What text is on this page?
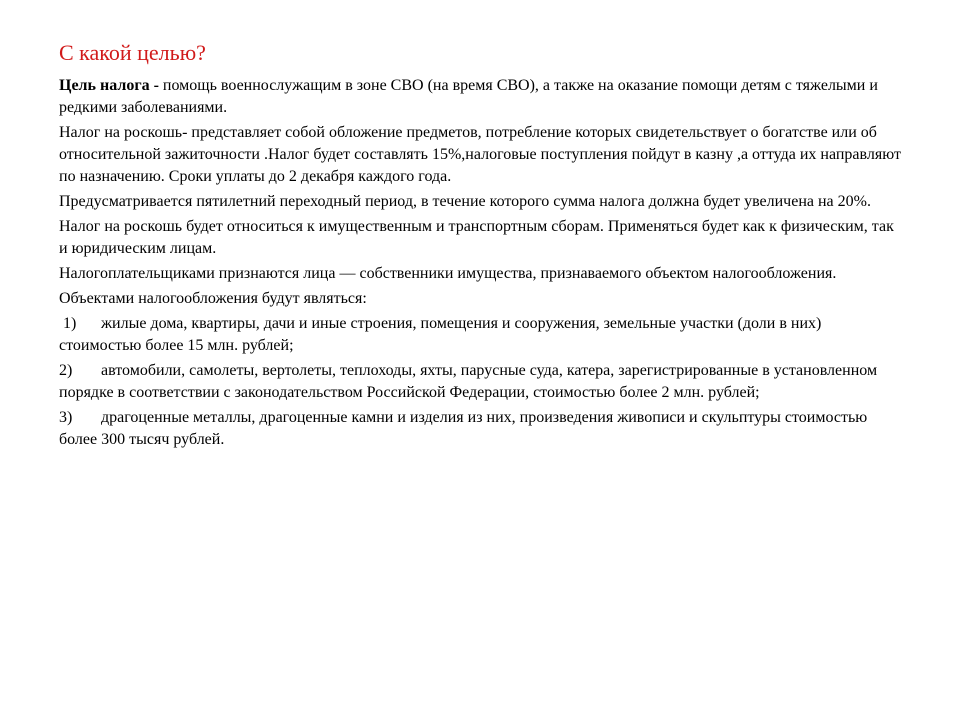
С какой целью?

Цель налога - помощь военнослужащим в зоне СВО (на время СВО), а также на оказание помощи детям с тяжелыми и редкими заболеваниями.

Налог на роскошь- представляет собой обложение предметов, потребление которых свидетельствует о богатстве или об относительной зажиточности .Налог будет составлять 15%,налоговые поступления пойдут в казну ,а оттуда их направляют по назначению. Сроки уплаты до 2 декабря каждого года.

Предусматривается пятилетний переходный период, в течение которого сумма налога должна будет увеличена на 20%.

Налог на роскошь будет относиться к имущественным и транспортным сборам. Применяться будет как к физическим, так и юридическим лицам.

Налогоплательщиками признаются лица — собственники имущества, признаваемого объектом налогообложения.

Объектами налогообложения будут являться:

1) жилые дома, квартиры, дачи и иные строения, помещения и сооружения, земельные участки (доли в них) стоимостью более 15 млн. рублей;

2) автомобили, самолеты, вертолеты, теплоходы, яхты, парусные суда, катера, зарегистрированные в установленном порядке в соответствии с законодательством Российской Федерации, стоимостью более 2 млн. рублей;

3) драгоценные металлы, драгоценные камни и изделия из них, произведения живописи и скульптуры стоимостью более 300 тысяч рублей.
